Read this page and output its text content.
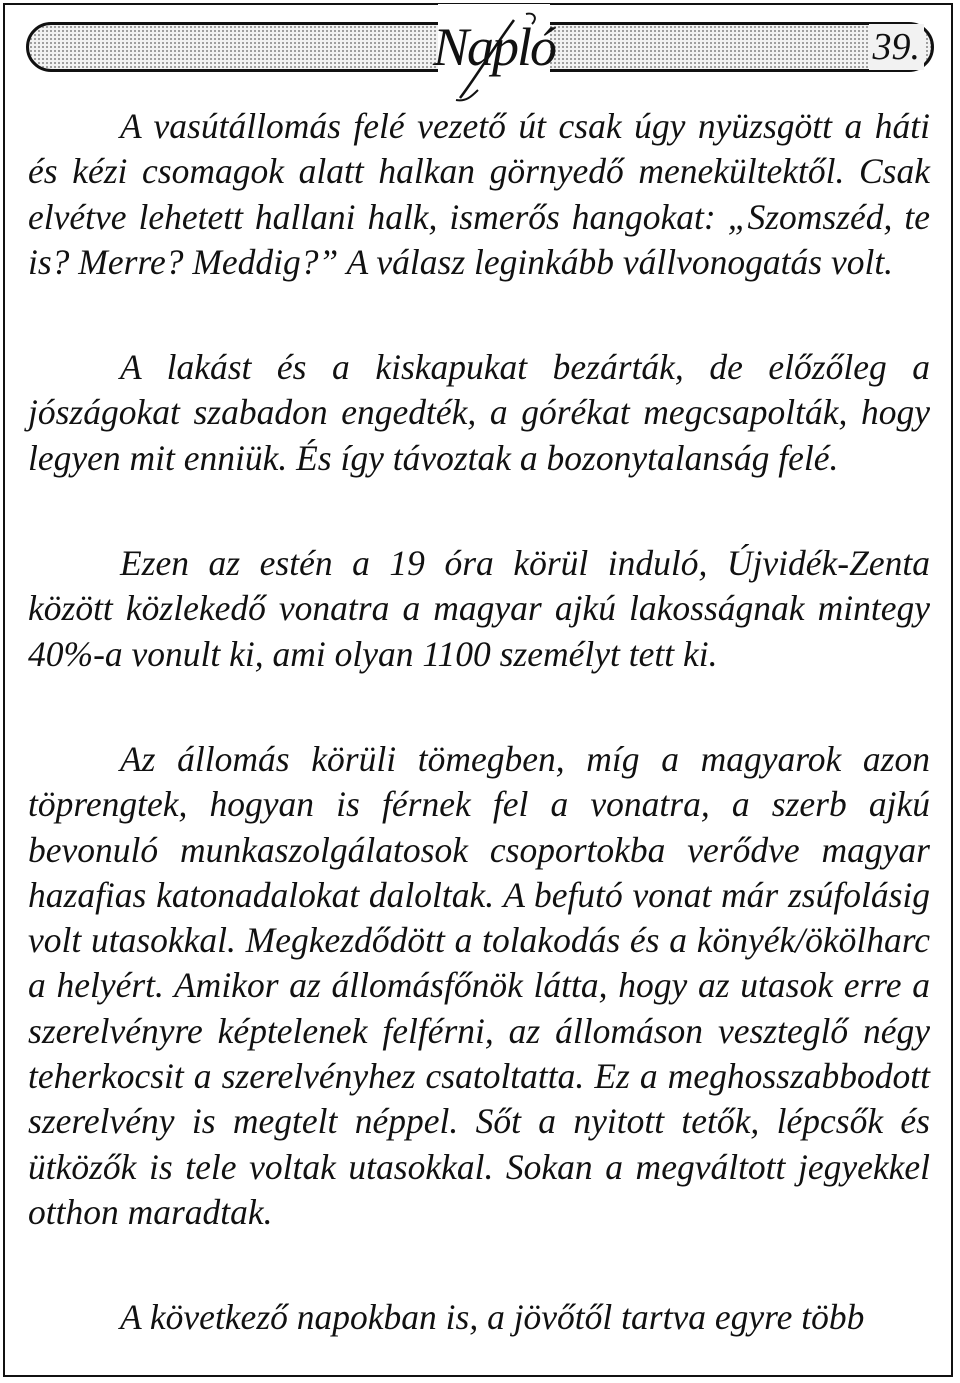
Napló	39.

A vasútállomás felé vezető út csak úgy nyüzsgött a háti és kézi csomagok alatt halkan görnyedő menekültektől. Csak elvétve lehetett hallani halk, ismerős hangokat: „Szomszéd, te is? Merre? Meddig?” A válasz leginkább vállvonogatás volt.

A lakást és a kiskapukat bezárták, de előzőleg a jószágokat szabadon engedték, a górékat megcsapolták, hogy legyen mit enniük. És így távoztak a bozonytalanság felé.

Ezen az estén a 19 óra körül induló, Újvidék-Zenta között közlekedő vonatra a magyar ajkú lakosságnak mintegy 40%-a vonult ki, ami olyan 1100 személyt tett ki.

Az állomás körüli tömegben, míg a magyarok azon töprengtek, hogyan is férnek fel a vonatra, a szerb ajkú bevonuló munkaszolgálatosok csoportokba verődve magyar hazafias katonadalokat daloltak. A befutó vonat már zsúfolásig volt utasokkal. Megkezdődött a tolakodás és a könyék/ökölharc a helyért. Amikor az állomásfőnök látta, hogy az utasok erre a szerelvényre képtelenek felférni, az állomáson veszteglő négy teherkocsit a szerelvényhez csatoltatta. Ez a meghosszabbodott szerelvény is megtelt néppel. Sőt a nyitott tetők, lépcsők és ütközők is tele voltak utasokkal. Sokan a megváltott jegyekkel otthon maradtak.

A következő napokban is, a jövőtől tartva egyre több
